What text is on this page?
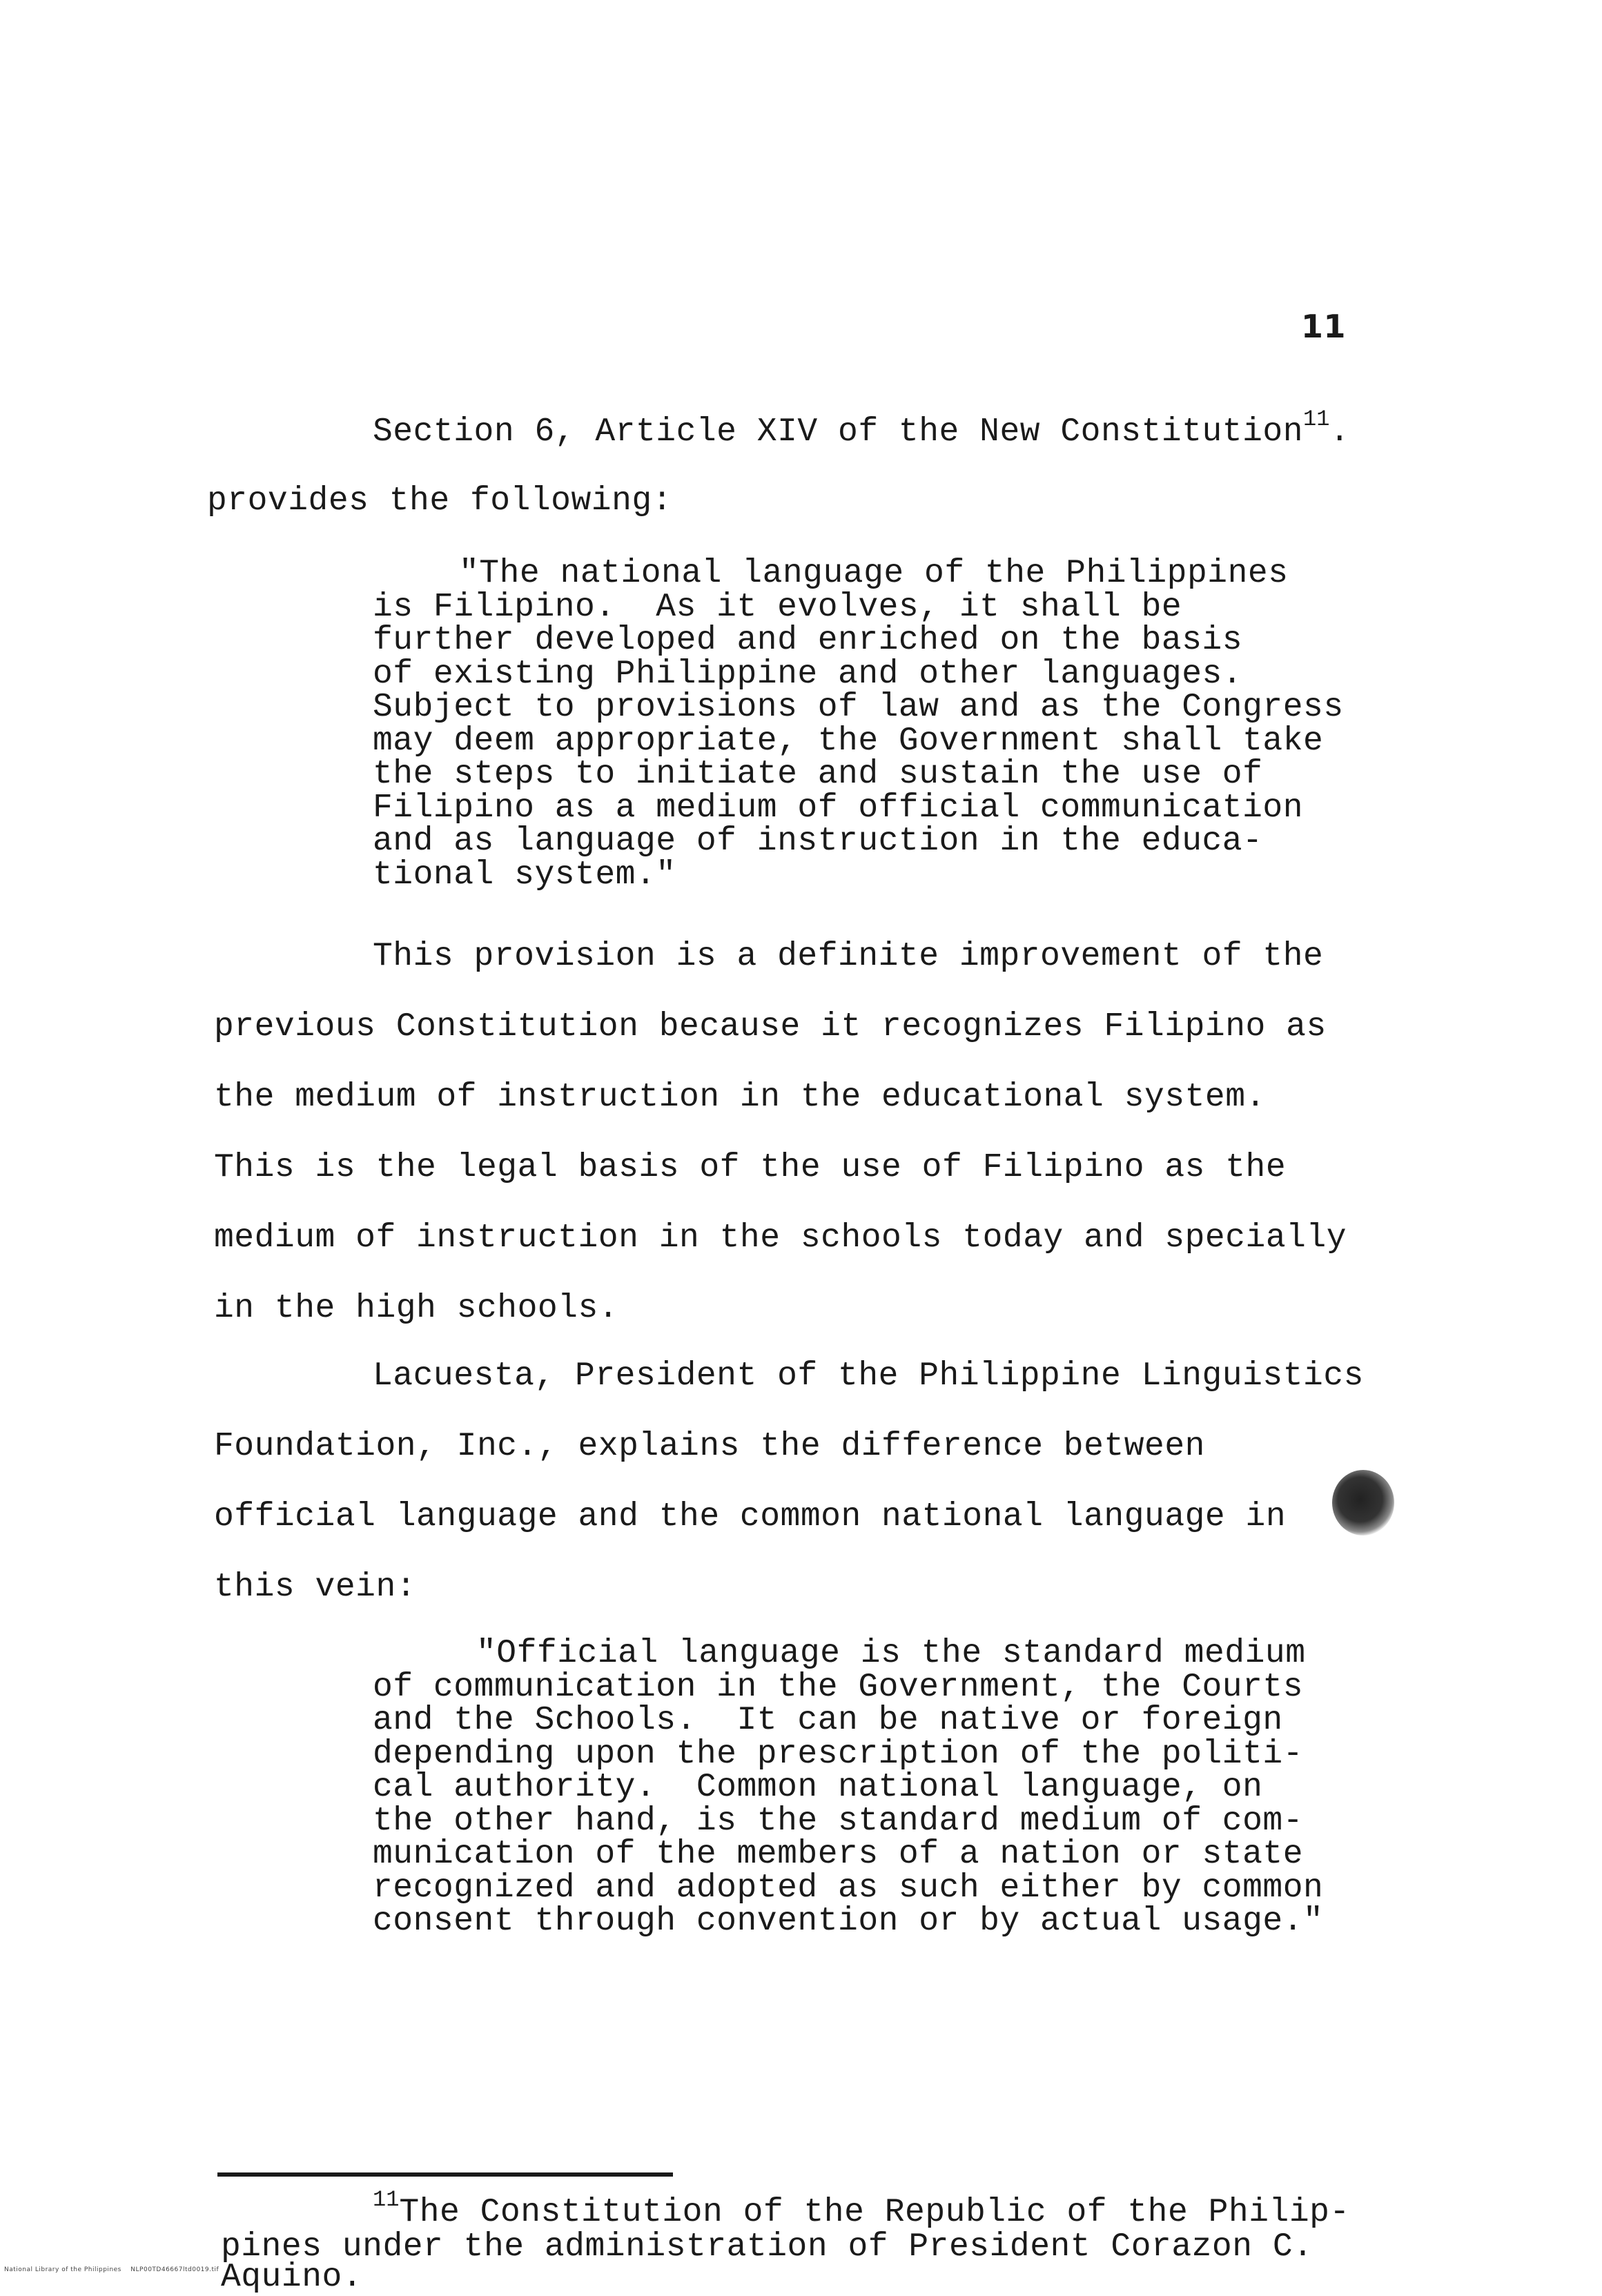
11
Section 6, Article XIV of the New Constitution$^{11}$.
provides the following:
"The national language of the Philippines
is Filipino.  As it evolves, it shall be
further developed and enriched on the basis
of existing Philippine and other languages.
Subject to provisions of law and as the Congress
may deem appropriate, the Government shall take
the steps to initiate and sustain the use of
Filipino as a medium of official communication
and as language of instruction in the educa-
tional system."
This provision is a definite improvement of the
previous Constitution because it recognizes Filipino as
the medium of instruction in the educational system.
This is the legal basis of the use of Filipino as the
medium of instruction in the schools today and specially
in the high schools.
Lacuesta, President of the Philippine Linguistics
Foundation, Inc., explains the difference between
official language and the common national language in
this vein:
"Official language is the standard medium
of communication in the Government, the Courts
and the Schools.  It can be native or foreign
depending upon the prescription of the politi-
cal authority.  Common national language, on
the other hand, is the standard medium of com-
munication of the members of a nation or state
recognized and adopted as such either by common
consent through convention or by actual usage."
$^{11}$The Constitution of the Republic of the Philip-
pines under the administration of President Corazon C.
Aquino.
National Library of the Philippines    NLP00TD46667ltd0019.tif
